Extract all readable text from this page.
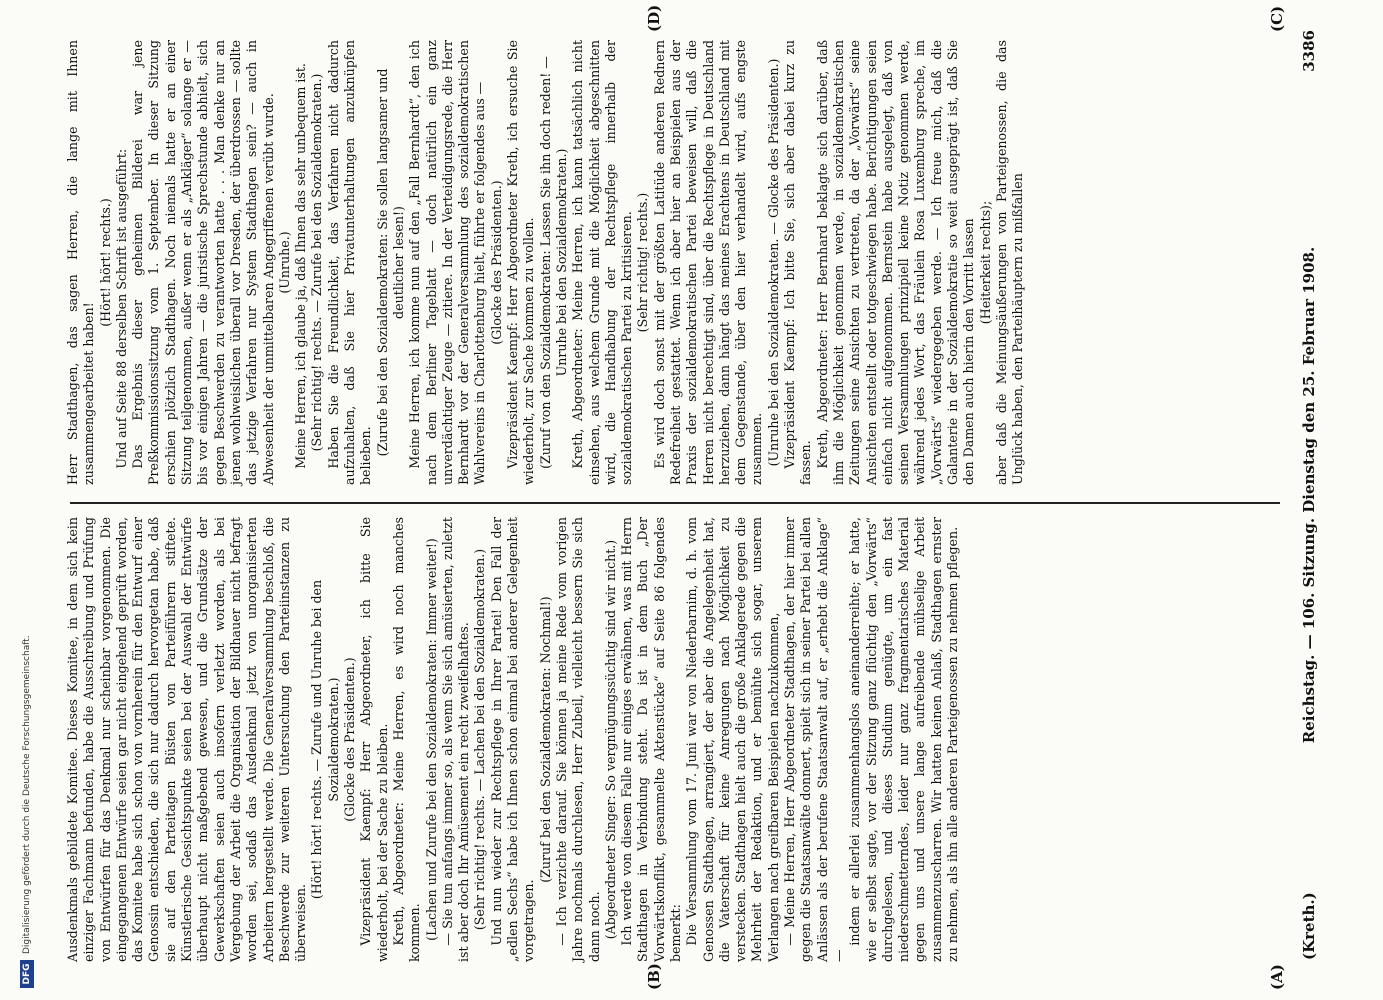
(Kreth.)
Reichstag. — 106. Sitzung. Dienstag den 25. Februar 1908.
3386
(A)
(B)
(C)
(D)

Ausdenkmals gebildete Komitee. Dieses Komitee, in dem sich kein einziger Fachmann befunden, habe die Ausschreibung und Prüfung von Entwürfen für das Denkmal nur scheinbar vorgenommen. Die eingegangenen Entwürfe seien gar nicht eingehend geprüft worden, das Komitee habe sich schon von vornherein für den Entwurf einer Genossin entschieden, die sich nur dadurch hervorgetan habe, daß sie auf den Parteitagen Büsten von Parteiführern stiftete. Künstlerische Gesichtspunkte seien bei der Auswahl der Entwürfe überhaupt nicht maßgebend gewesen, und die Grundsätze der Gewerkschaften seien auch insofern verletzt worden, als bei Vergebung der Arbeit die Organisation der Bildhauer nicht befragt worden sei, sodaß das Ausdenkmal jetzt von unorganisierten Arbeitern hergestellt werde. Die Generalversammlung beschloß, die Beschwerde zur weiteren Untersuchung den Parteiinstanzen zu überweisen.

(Hört! hört! rechts. — Zurufe und Unruhe bei den Sozialdemokraten.) (Glocke des Präsidenten.) Vizepräsident Kaempf: Herr Abgeordneter, ich bitte Sie wiederholt, bei der Sache zu bleiben. Kreth, Abgeordneter: Meine Herren, es wird noch manches kommen. (Lachen und Zurufe bei den Sozialdemokraten: Immer weiter!) — Sie tun anfangs immer so, als wenn Sie sich amüsierten, zuletzt ist aber doch Ihr Amüsement ein recht zweifelhaftes. (Sehr richtig! rechts. — Lachen bei den Sozialdemokraten.) Und nun wieder zur Rechtspflege in Ihrer Partei! Den Fall der „edlen Sechs“ habe ich Ihnen schon einmal bei anderer Gelegenheit vorgetragen.

(Zuruf bei den Sozialdemokraten: Nochmal!) — Ich verzichte darauf. Sie können ja meine Rede vom vorigen Jahre nochmals durchlesen, Herr Zubeil, vielleicht bessern Sie sich dann noch. (Abgeordneter Singer: So vergnügungssüchtig sind wir nicht.) Ich werde von diesem Falle nur einiges erwähnen, was mit Herrn Stadthagen in Verbindung steht. Da ist in dem Buch „Der Vorwärtskonflikt, gesammelte Aktenstücke“ auf Seite 86 folgendes bemerkt: Die Versammlung vom 17. Juni war von Niederbarnim, d. h. vom Genossen Stadthagen, arrangiert, der aber die Angelegenheit hat, die Vaterschaft für keine Anregungen nach Möglichkeit zu verstecken. Stadthagen hielt auch die große Anklagerede gegen die Mehrheit der Redaktion, und er bemühte sich sogar, unserem Verlangen nach greifbaren Beispielen nachzukommen, — Meine Herren, Herr Abgeordneter Stadthagen, der hier immer gegen die Staatsanwälte donnert, spielt sich in seiner Partei bei allen Anlässen als der berufene Staatsanwalt auf, er „erhebt die Anklage“ —

indem er allerlei zusammenhangslos aneinanderreihte; er hatte, wie er selbst sagte, vor der Sitzung ganz flüchtig den „Vorwärts“ durchgelesen, und dieses Studium genügte, um ein fast niederschmetterndes, leider nur ganz fragmentarisches Material gegen uns und unsere lange aufreibende mühselige Arbeit zusammenzuscharren. Wir hatten keinen Anlaß, Stadthagen ernster zu nehmen, als ihn alle anderen Parteigenossen zu nehmen pflegen.

Herr Stadthagen, das sagen Herren, die lange mit Ihnen zusammengearbeitet haben!

(Hört! hört! rechts.) Und auf Seite 88 derselben Schrift ist ausgeführt: Das Ergebnis dieser geheimen Bilderei war jene Preßkommissionssitzung vom 1. September. In dieser Sitzung erschien plötzlich Stadthagen. Noch niemals hatte er an einer Sitzung teilgenommen, außer wenn er als „Ankläger“ solange er — bis vor einigen Jahren — die juristische Sprechstunde abhielt, sich gegen Beschwerden zu verantworten hatte . . . Man denke nur an jenen wohlweislichen überall vor Dresden, der überdrossen — sollte das jetzige Verfahren nur System Stadthagen sein? — auch in Abwesenheit der unmittelbaren Angegriffenen verübt wurde. (Unruhe.) Meine Herren, ich glaube ja, daß Ihnen das sehr unbequem ist. (Sehr richtig! rechts. — Zurufe bei den Sozialdemokraten.) Haben Sie die Freundlichkeit, das Verfahren nicht dadurch aufzuhalten, daß Sie hier Privatunterhaltungen anzuknüpfen belieben. (Zurufe bei den Sozialdemokraten: Sie sollen langsamer und deutlicher lesen!) Meine Herren, ich komme nun auf den „Fall Bernhardt“, den ich nach dem Berliner Tageblatt — doch natürlich ein ganz unverdächtiger Zeuge — zitiere. In der Verteidigungsrede, die Herr Bernhardt vor der Generalversammlung des sozialdemokratischen Wahlvereins in Charlottenburg hielt, führte er folgendes aus — (Glocke des Präsidenten.) Vizepräsident Kaempf: Herr Abgeordneter Kreth, ich ersuche Sie wiederholt, zur Sache kommen zu wollen. (Zuruf von den Sozialdemokraten: Lassen Sie ihn doch reden! — Unruhe bei den Sozialdemokraten.) Kreth, Abgeordneter: Meine Herren, ich kann tatsächlich nicht einsehen, aus welchem Grunde mit die Möglichkeit abgeschnitten wird, die Handhabung der Rechtspflege innerhalb der sozialdemokratischen Partei zu kritisieren. (Sehr richtig! rechts.) Es wird doch sonst mit der größten Latitüde anderen Rednern Redefreiheit gestattet. Wenn ich aber hier an Beispielen aus der Praxis der sozialdemokratischen Partei beweisen will, daß die Herren nicht berechtigt sind, über die Rechtspflege in Deutschland herzuziehen, dann hängt das meines Erachtens in Deutschland mit dem Gegenstande, über den hier verhandelt wird, aufs engste zusammen. (Unruhe bei den Sozialdemokraten. — Glocke des Präsidenten.) Vizepräsident Kaempf: Ich bitte Sie, sich aber dabei kurz zu fassen. Kreth, Abgeordneter: Herr Bernhard beklagte sich darüber, daß ihm die Möglichkeit genommen werde, in sozialdemokratischen Zeitungen seine Ansichten zu vertreten, da der „Vorwärts“ seine Ansichten entstellt oder totgeschwiegen habe. Berichtigungen seien einfach nicht aufgenommen. Bernstein habe ausgelegt, daß von seinen Versammlungen prinzipiell keine Notiz genommen werde, während jedes Wort, das Fräulein Rosa Luxemburg spreche, im „Vorwärts“ wiedergegeben werde. — Ich freue mich, daß die Galanterie in der Sozialdemokratie so weit ausgeprägt ist, daß Sie den Damen auch hierin den Vorritt lassen (Heiterkeit rechts); aber daß die Meinungsäußerungen von Parteigenossen, die das Unglück haben, den Parteihäuptern zu mißfallen

DFG
Digitalisierung gefördert durch die Deutsche Forschungsgemeinschaft.
